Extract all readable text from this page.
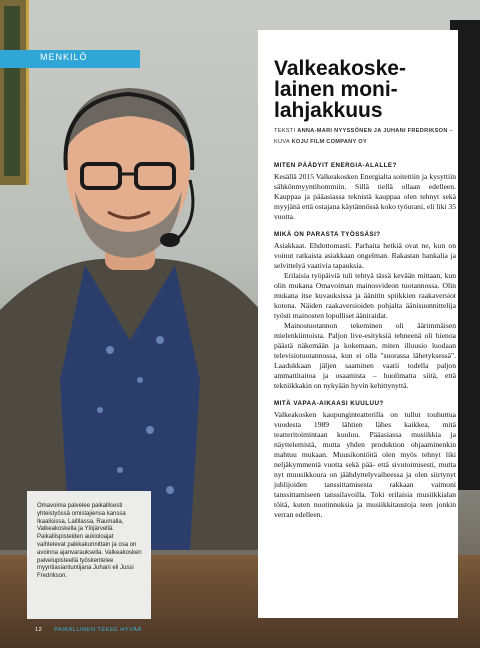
MENKILÖ	Valkeakoske-lainen moni-lahjakkuus
TEKSTI ANNA-MARI NYYSSÖNEN JA JUHANI FREDRIKSON –
KUVA KOJU FILM COMPANY OY

MITEN PÄÄDYIT ENERGIA-ALALLE?

Kesällä 2015 Valkeakosken Energialta soitettiin ja kysyttiin sähkönmyyntihommiin. Sillä tiellä ollaan edelleen. Kauppaa ja pääasiassa teknistä kauppaa olen tehnyt sekä myyjänä että ostajana käytännössä koko työurani, eli liki 35 vuotta.

MIKÄ ON PARASTA TYÖSSÄSI?

Asiakkaat. Ehdottomasti. Parhaita hetkiä ovat ne, kun on voinut ratkaista asiakkaan ongelman. Rakastan hankalia ja selvittelyä vaativia tapauksia.

Erilaisia työpäiviä tuli tehtyä tässä kevään mittaan, kun olin mukana Omavoiman mainosvideon tuotannossa. Olin mukana itse kuvauksissa ja äänitin spiikkien raakaversiot kotona. Näiden raakaversioiden pohjalta äänisuunnittelija työsti mainosten lopulliset ääniraidat.

Mainostuotannon tekeminen oli äärimmäisen mielenkiintoista. Paljon live-esityksiä tehneenä oli hienoa päästä näkemään ja kokemaan, miten illuusio luodaan televisiotuotannossa, kun ei olla "suorassa lähetyksessä". Laadukkaan jäljen saaminen vaatii todella paljon ammattitaitoa ja osaamista – huolimatta siitä, että tekniikkakin on nykyään hyvin kehittynyttä.

MITÄ VAPAA-AIKAASI KUULUU?

Valkeakosken kaupunginteatterilla on tullut touhuttua vuodesta 1989 lähtien lähes kaikkea, mitä teatteritoimintaan kuuluu. Pääasiassa musiikkia ja näyttelemistä, mutta yhden produktion ohjaaminenkin mahtuu mukaan. Muusikontöitä olen myös tehnyt liki neljäkymmentä vuotta sekä pää- että sivutoimisesti, mutta nyt muusikkoura on jäähdyttelyvaiheessa ja olen siirtynyt juhlijoiden tanssittamisesta rakkaan vaimoni tanssittamiseen tanssilavoilla. Toki erilaisia musiikkialan töitä, kuten nuotinnuksia ja musiikkitaustoja teen jonkin verran edelleen.

Omavoima palvelee paikallisesti yhteistyössä omistajiensa kanssa Ikaalisissa, Laitilassa, Raumalla, Valkeakoskella ja Ylöjärvellä. Paikallispisteiden aukioloajat vaihtelevat paikkakunnittain ja osa on avoinna ajanvarauksella. Valkeakosken palvelupisteellä työskentelee myyntiasiantuntijana Juhani eli Jussi Fredrikson.

12 PAIKALLINEN TEKEE HYVÄÄ
